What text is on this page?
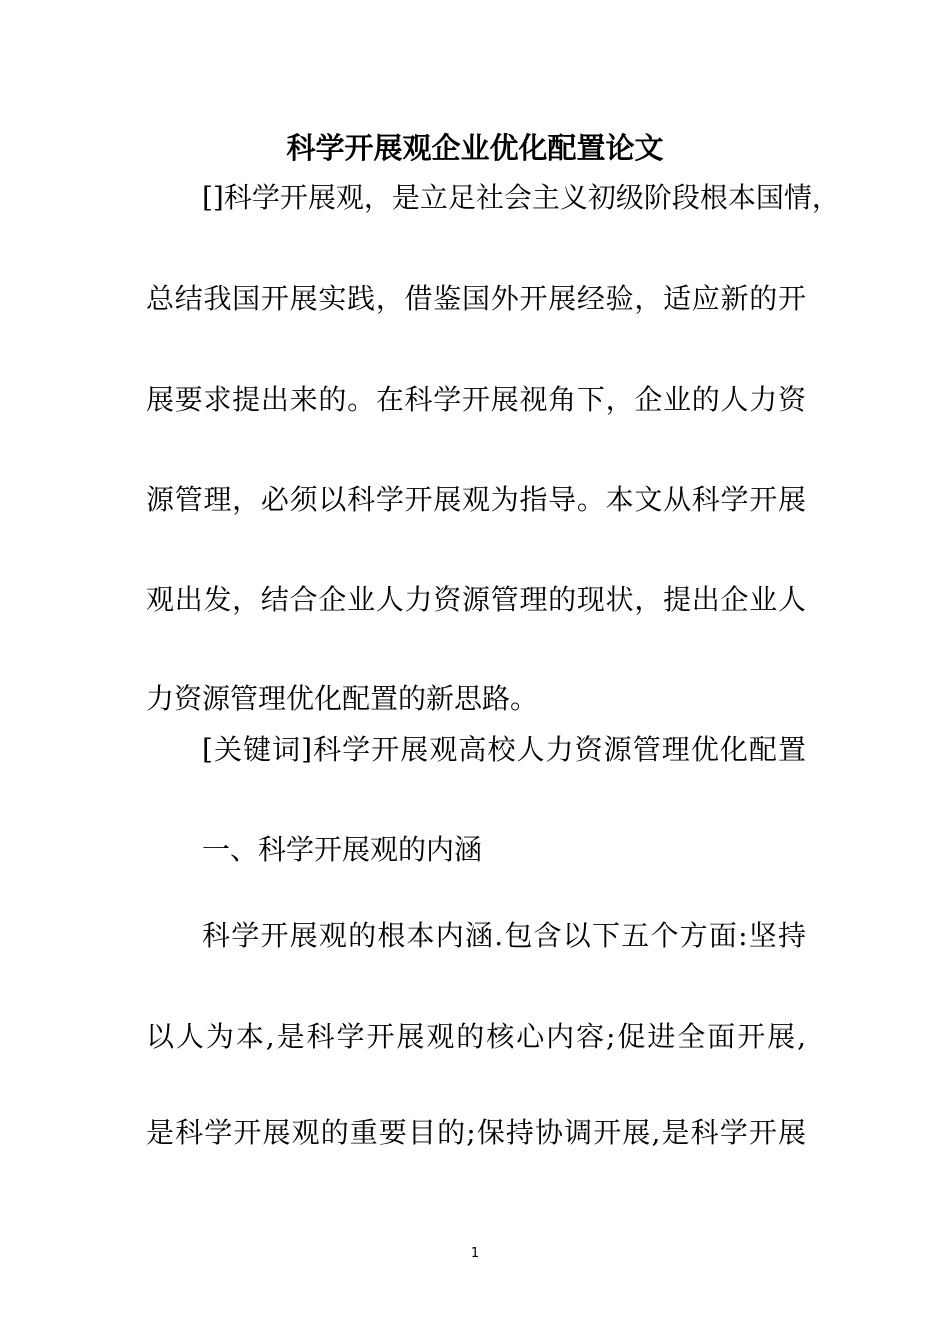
科学开展观企业优化配置论文
[]科学开展观，是立足社会主义初级阶段根本国情，
总结我国开展实践，借鉴国外开展经验，适应新的开
展要求提出来的。在科学开展视角下，企业的人力资
源管理，必须以科学开展观为指导。本文从科学开展
观出发，结合企业人力资源管理的现状，提出企业人
力资源管理优化配置的新思路。
[关键词]科学开展观高校人力资源管理优化配置
一、科学开展观的内涵
科学开展观的根本内涵.包含以下五个方面:坚持
以人为本,是科学开展观的核心内容;促进全面开展,
是科学开展观的重要目的;保持协调开展,是科学开展
1
